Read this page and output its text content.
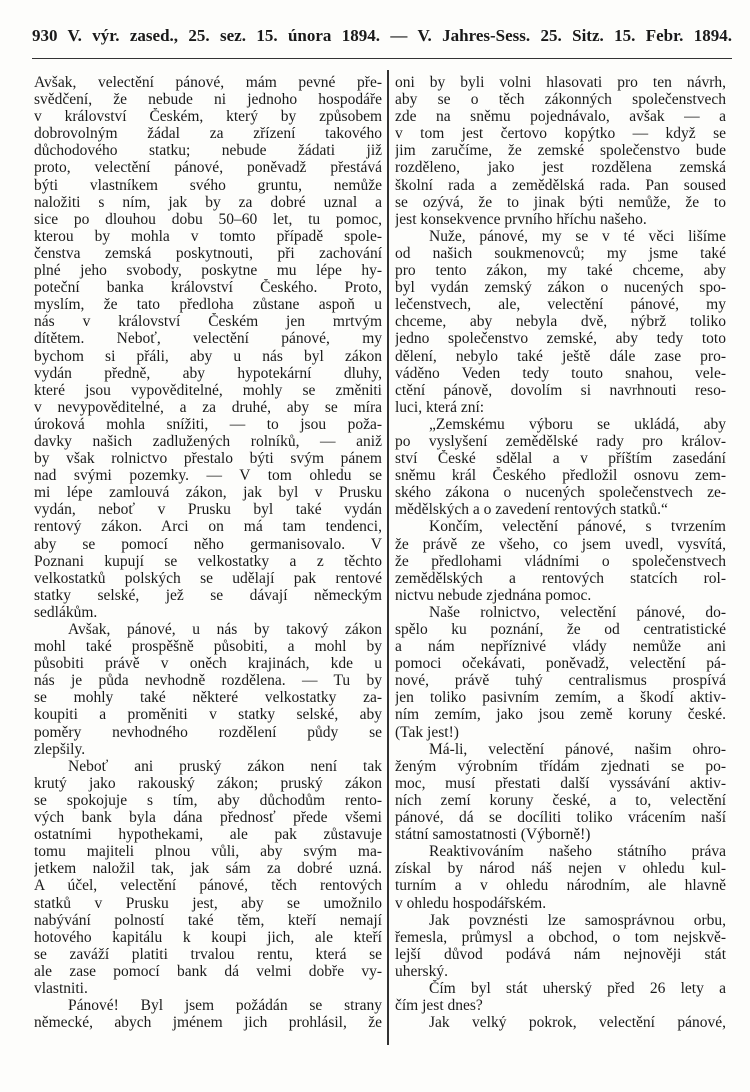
930 V. výr. zased., 25. sez. 15. února 1894. — V. Jahres-Sess. 25. Sitz. 15. Febr. 1894.
Avšak, velectění pánové, mám pevné pře-
svědčení, že nebude ni jednoho hospodáře
v království Českém, který by způsobem
dobrovolným žádal za zřízení takového
důchodového statku; nebude žádati již
proto, velectění pánové, poněvadž přestává
býti vlastníkem svého gruntu, nemůže
naložiti s ním, jak by za dobré uznal a
sice po dlouhou dobu 50–60 let, tu pomoc,
kterou by mohla v tomto případě spole-
čenstva zemská poskytnouti, při zachování
plné jeho svobody, poskytne mu lépe hy-
poteční banka království Českého. Proto,
myslím, že tato předloha zůstane aspoň u
nás v království Českém jen mrtvým
dítětem. Neboť, velectění pánové, my
bychom si přáli, aby u nás byl zákon
vydán předně, aby hypotekární dluhy,
které jsou vypověditelné, mohly se změniti
v nevypověditelné, a za druhé, aby se míra
úroková mohla snížiti, — to jsou poža-
davky našich zadlužených rolníků, — aniž
by však rolnictvo přestalo býti svým pánem
nad svými pozemky. — V tom ohledu se
mi lépe zamlouvá zákon, jak byl v Prusku
vydán, neboť v Prusku byl také vydán
rentový zákon. Arci on má tam tendenci,
aby se pomocí něho germanisovalo. V
Poznani kupují se velkostatky a z těchto
velkostatků polských se udělají pak rentové
statky selské, jež se dávají německým
sedlákům.
Avšak, pánové, u nás by takový zákon
mohl také prospěšně působiti, a mohl by
působiti právě v oněch krajinách, kde u
nás je půda nevhodně rozdělena. — Tu by
se mohly také některé velkostatky za-
koupiti a proměniti v statky selské, aby
poměry nevhodného rozdělení půdy se
zlepšily.
Neboť ani pruský zákon není tak
krutý jako rakouský zákon; pruský zákon
se spokojuje s tím, aby důchodům rento-
vých bank byla dána přednosť přede všemi
ostatními hypothekami, ale pak zůstavuje
tomu majiteli plnou vůli, aby svým ma-
jetkem naložil tak, jak sám za dobré uzná.
A účel, velectění pánové, těch rentových
statků v Prusku jest, aby se umožnilo
nabývání polností také těm, kteří nemají
hotového kapitálu k koupi jich, ale kteří
se zaváží platiti trvalou rentu, která se
ale zase pomocí bank dá velmi dobře vy-
vlastniti.
Pánové! Byl jsem požádán se strany
německé, abych jménem jich prohlásil, že
oni by byli volni hlasovati pro ten návrh,
aby se o těch zákonných společenstvech
zde na sněmu pojednávalo, avšak — a
v tom jest čertovo kopýtko — když se
jim zaručíme, že zemské společenstvo bude
rozděleno, jako jest rozdělena zemská
školní rada a zemědělská rada. Pan soused
se ozývá, že to jinak býti nemůže, že to
jest konsekvence prvního hříchu našeho.
Nuže, pánové, my se v té věci lišíme
od našich soukmenovců; my jsme také
pro tento zákon, my také chceme, aby
byl vydán zemský zákon o nucených spo-
lečenstvech, ale, velectění pánové, my
chceme, aby nebyla dvě, nýbrž toliko
jedno společenstvo zemské, aby tedy toto
dělení, nebylo také ještě dále zase pro-
váděno Veden tedy touto snahou, vele-
ctění pánově, dovolím si navrhnouti reso-
luci, která zní:
„Zemskému výboru se ukládá, aby
po vyslyšení zemědělské rady pro králov-
ství České sdělal a v příštím zasedání
sněmu král Českého předložil osnovu zem-
ského zákona o nucených společenstvech ze-
mědělských a o zavedení rentových statků.“
Končím, velectění pánové, s tvrzením
že právě ze všeho, co jsem uvedl, vysvítá,
že předlohami vládními o společenstvech
zemědělských a rentových statcích rol-
nictvu nebude zjednána pomoc.
Naše rolnictvo, velectění pánové, do-
spělo ku poznání, že od centratistické
a nám nepříznivé vlády nemůže ani
pomoci očekávati, poněvadž, velectění pá-
nové, právě tuhý centralismus prospívá
jen toliko pasivním zemím, a škodí aktiv-
ním zemím, jako jsou země koruny české.
(Tak jest!)
Má-li, velectění pánové, našim ohro-
ženým výrobním třídám zjednati se po-
moc, musí přestati další vyssávání aktiv-
ních zemí koruny české, a to, velectění
pánové, dá se docíliti toliko vrácením naší
státní samostatnosti (Výborně!)
Reaktivováním našeho státního práva
získal by národ náš nejen v ohledu kul-
turním a v ohledu národním, ale hlavně
v ohledu hospodářském.
Jak povznésti lze samosprávnou orbu,
řemesla, průmysl a obchod, o tom nejskvě-
lejší důvod podává nám nejnověji stát
uherský.
Čím byl stát uherský před 26 lety a
čím jest dnes?
Jak velký pokrok, velectění pánové,
